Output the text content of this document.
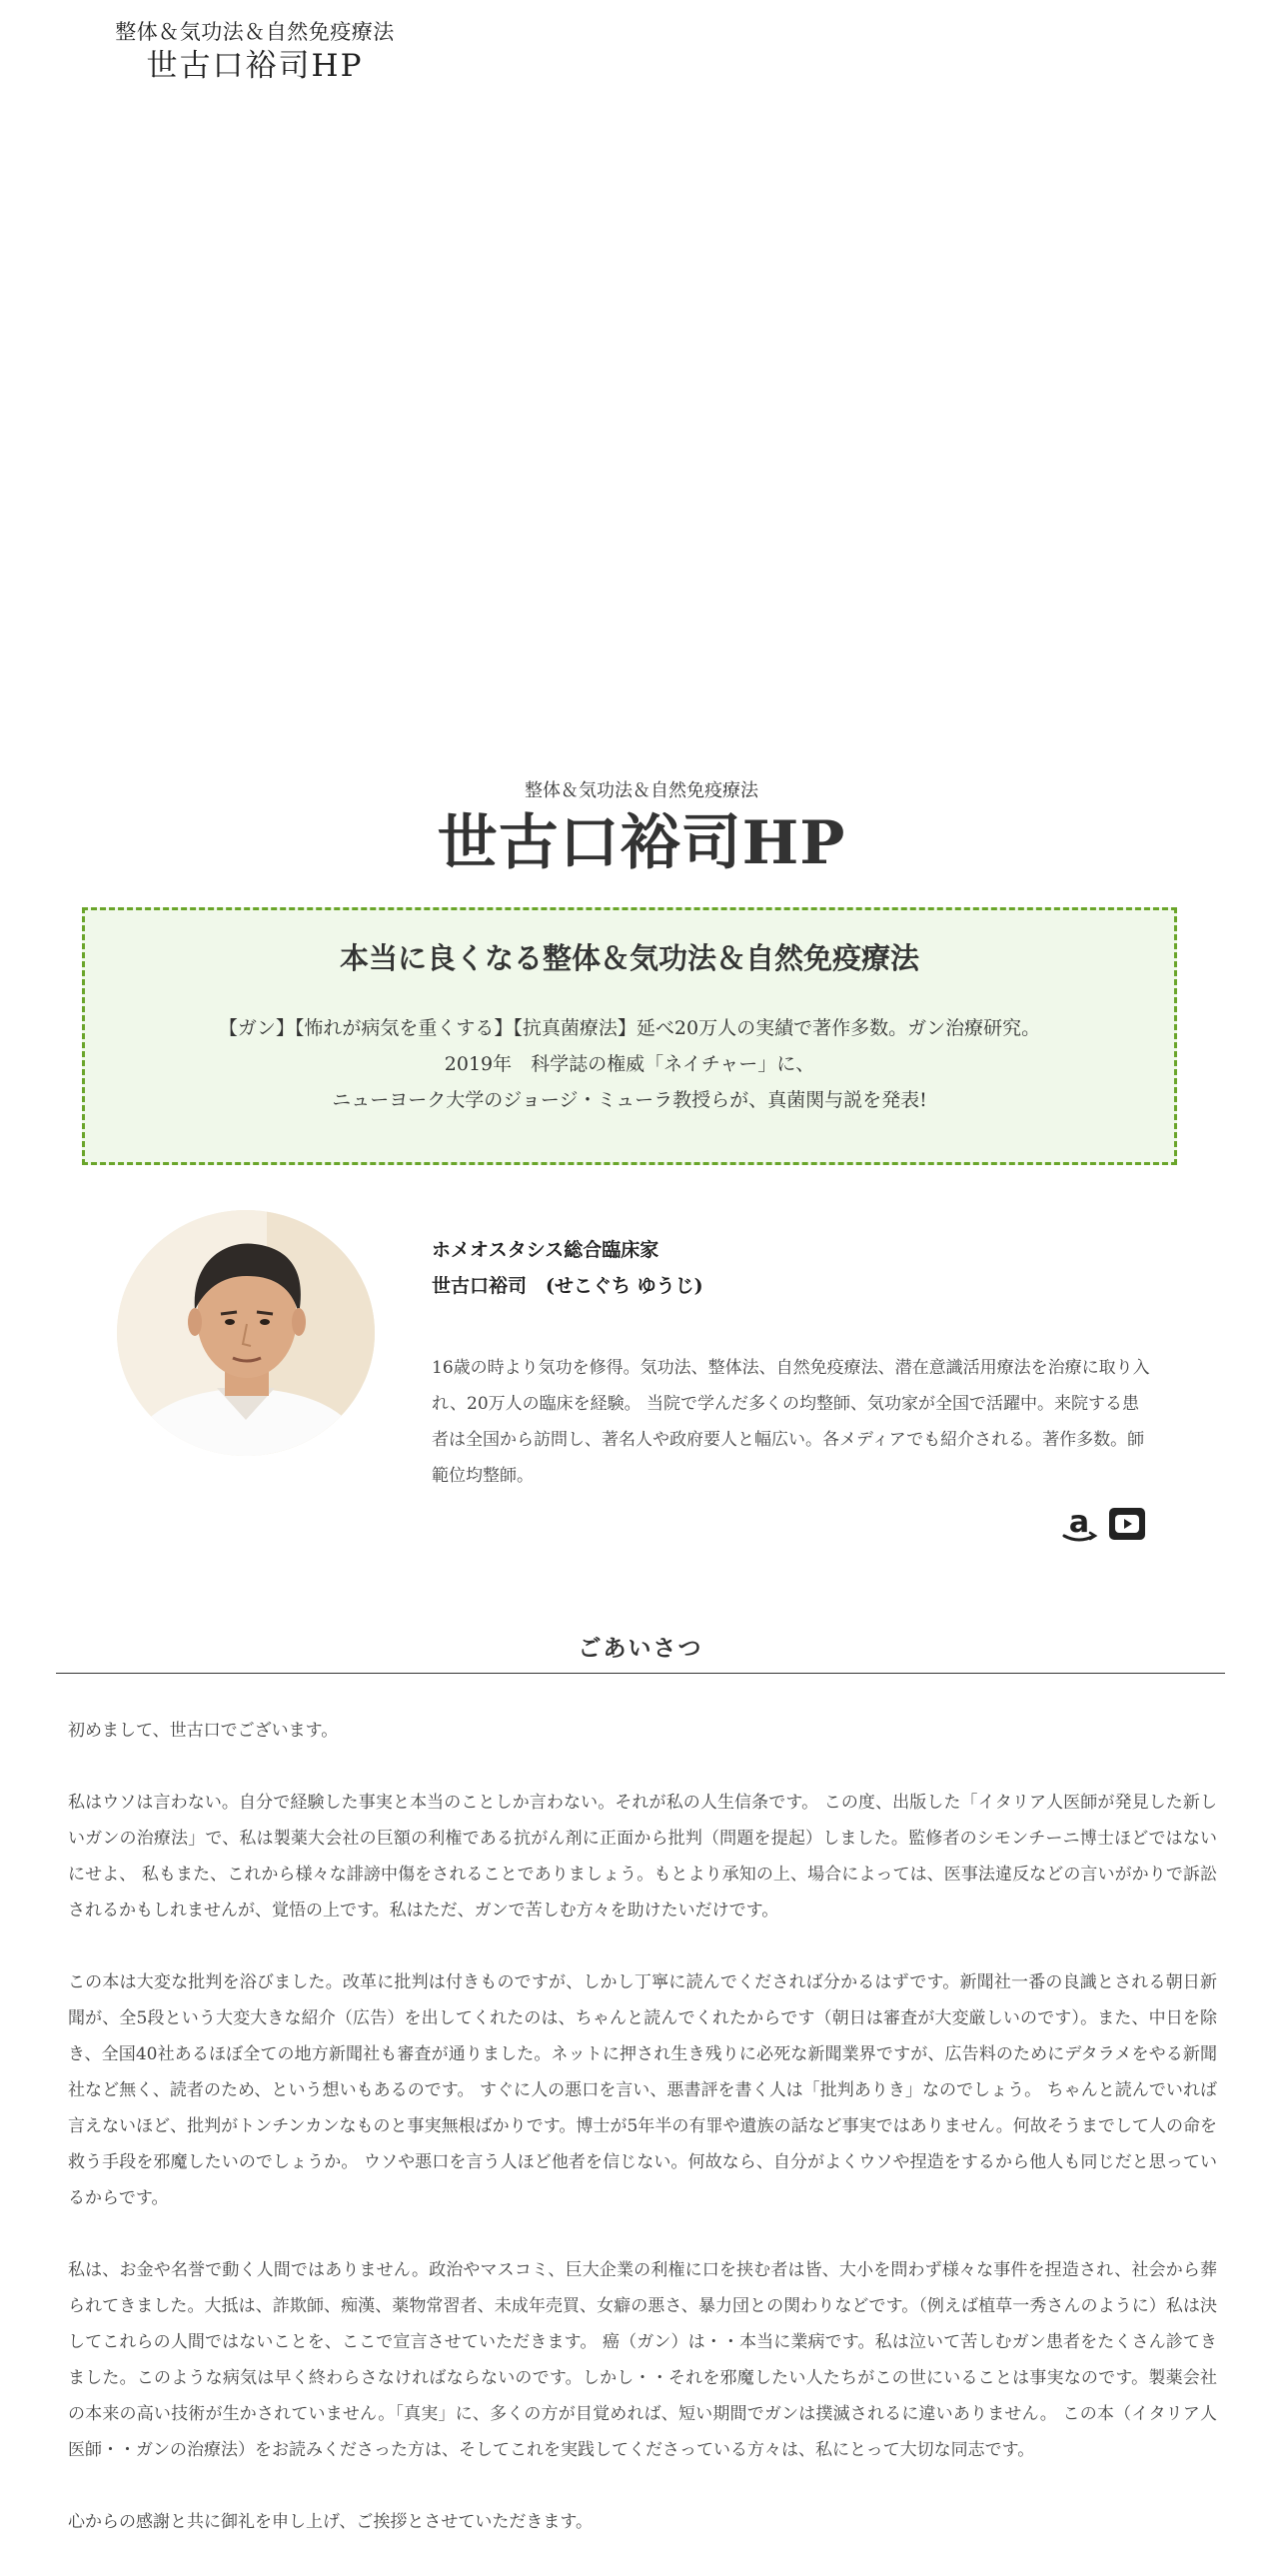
整体＆気功法＆自然免疫療法
世古口裕司HP
整体＆気功法＆自然免疫療法
世古口裕司HP
本当に良くなる整体＆気功法＆自然免疫療法
【ガン】【怖れが病気を重くする】【抗真菌療法】延べ20万人の実績で著作多数。ガン治療研究。
2019年　科学誌の権威「ネイチャー」に、
ニューヨーク大学のジョージ・ミューラ教授らが、真菌関与説を発表!
ホメオスタシス総合臨床家
世古口裕司　(せこぐち ゆうじ)
16歳の時より気功を修得。気功法、整体法、自然免疫療法、潜在意識活用療法を治療に取り入れ、20万人の臨床を経験。 当院で学んだ多くの均整師、気功家が全国で活躍中。来院する患者は全国から訪問し、著名人や政府要人と幅広い。各メディアでも紹介される。著作多数。師範位均整師。
a
ごあいさつ

初めまして、世古口でございます。

私はウソは言わない。自分で経験した事実と本当のことしか言わない。それが私の人生信条です。 この度、出版した「イタリア人医師が発見した新しいガンの治療法」で、私は製薬大会社の巨額の利権である抗がん剤に正面から批判（問題を提起）しました。監修者のシモンチーニ博士ほどではないにせよ、 私もまた、これから様々な誹謗中傷をされることでありましょう。もとより承知の上、場合によっては、医事法違反などの言いがかりで訴訟されるかもしれませんが、覚悟の上です。私はただ、ガンで苦しむ方々を助けたいだけです。

この本は大変な批判を浴びました。改革に批判は付きものですが、しかし丁寧に読んでくだされば分かるはずです。新聞社一番の良識とされる朝日新聞が、全5段という大変大きな紹介（広告）を出してくれたのは、ちゃんと読んでくれたからです（朝日は審査が大変厳しいのです）。また、中日を除き、全国40社あるほぼ全ての地方新聞社も審査が通りました。ネットに押され生き残りに必死な新聞業界ですが、広告料のためにデタラメをやる新聞社など無く、読者のため、という想いもあるのです。 すぐに人の悪口を言い、悪書評を書く人は「批判ありき」なのでしょう。 ちゃんと読んでいれば言えないほど、批判がトンチンカンなものと事実無根ばかりです。博士が5年半の有罪や遺族の話など事実ではありません。何故そうまでして人の命を救う手段を邪魔したいのでしょうか。 ウソや悪口を言う人ほど他者を信じない。何故なら、自分がよくウソや捏造をするから他人も同じだと思っているからです。

私は、お金や名誉で動く人間ではありません。政治やマスコミ、巨大企業の利権に口を挟む者は皆、大小を問わず様々な事件を捏造され、社会から葬られてきました。大抵は、詐欺師、痴漢、薬物常習者、未成年売買、女癖の悪さ、暴力団との関わりなどです。（例えば植草一秀さんのように）私は決してこれらの人間ではないことを、ここで宣言させていただきます。 癌（ガン）は・・本当に業病です。私は泣いて苦しむガン患者をたくさん診てきました。このような病気は早く終わらさなければならないのです。しかし・・それを邪魔したい人たちがこの世にいることは事実なのです。製薬会社の本来の高い技術が生かされていません。「真実」に、多くの方が目覚めれば、短い期間でガンは撲滅されるに違いありません。 この本（イタリア人医師・・ガンの治療法）をお読みくださった方は、そしてこれを実践してくださっている方々は、私にとって大切な同志です。

心からの感謝と共に御礼を申し上げ、ご挨拶とさせていただきます。
